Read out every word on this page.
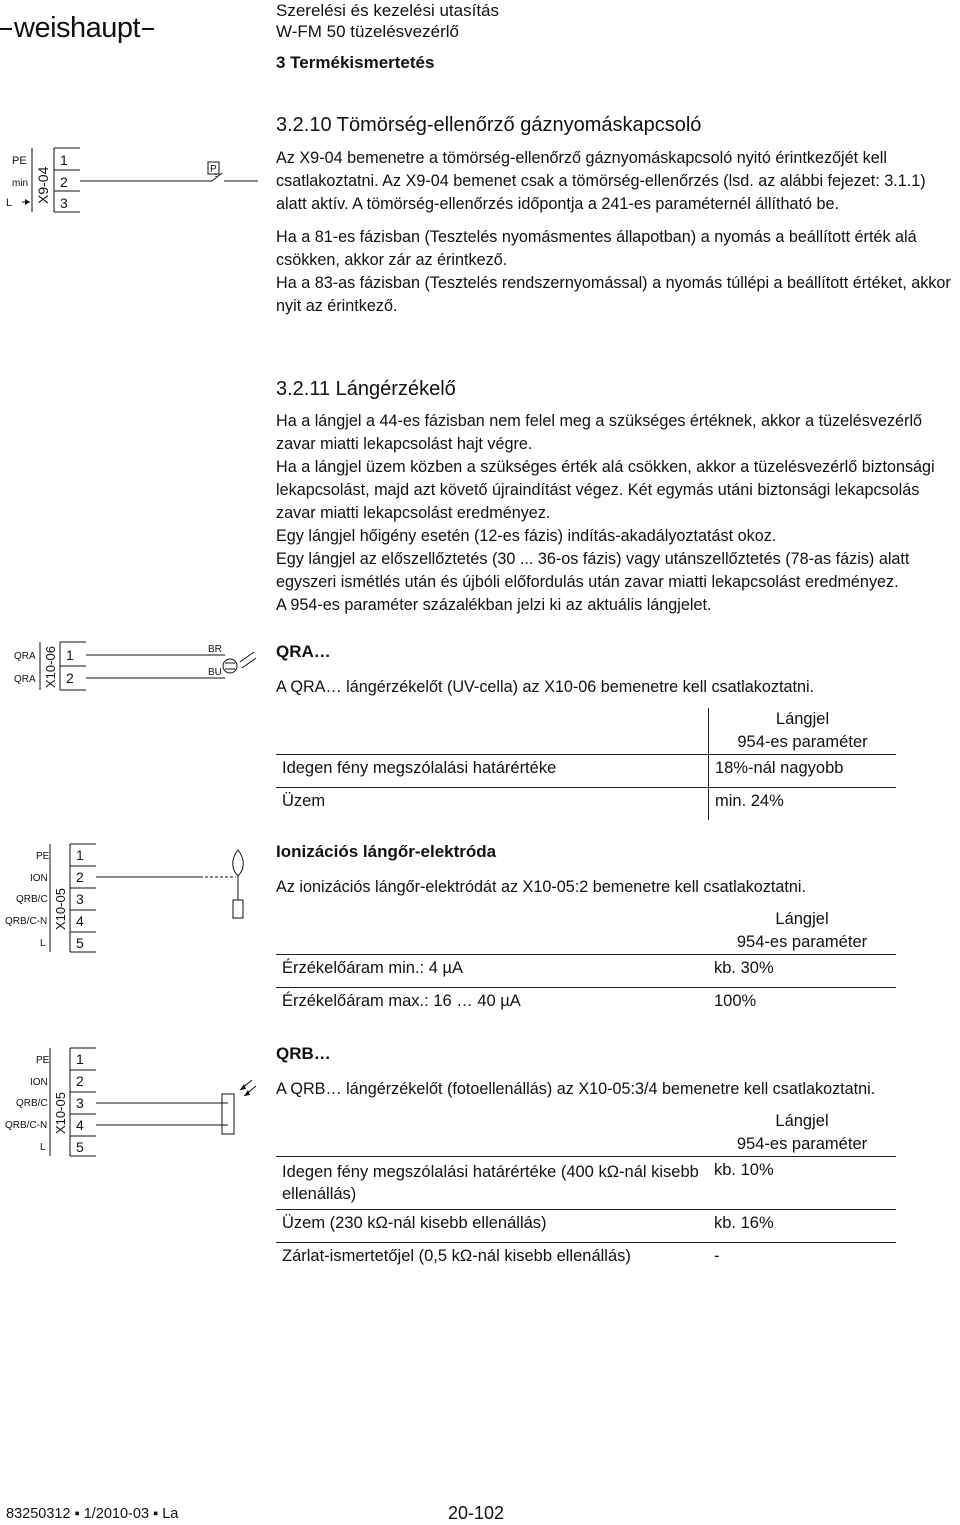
weishaupt
Szerelési és kezelési utasítás
W-FM 50 tüzelésvezérlő
3 Termékismertetés
3.2.10 Tömörség-ellenőrző gáznyomáskapcsoló

Az X9-04 bemenetre a tömörség-ellenőrző gáznyomáskapcsoló nyitó érintkezőjét kell csatlakoztatni. Az X9-04 bemenet csak a tömörség-ellenőrzés (lsd. az alábbi fejezet: 3.1.1) alatt aktív. A tömörség-ellenőrzés időpontja a 241-es paraméternél állítható be.

Ha a 81-es fázisban (Tesztelés nyomásmentes állapotban) a nyomás a beállított érték alá csökken, akkor zár az érintkező.

Ha a 83-as fázisban (Tesztelés rendszernyomással) a nyomás túllépi a beállított értéket, akkor nyit az érintkező.

PE
min
L X9-04
1
2
3
P
3.2.11 Lángérzékelő

Ha a lángjel a 44-es fázisban nem felel meg a szükséges értéknek, akkor a tüzelésvezérlő zavar miatti lekapcsolást hajt végre.

Ha a lángjel üzem közben a szükséges érték alá csökken, akkor a tüzelésvezérlő biztonsági lekapcsolást, majd azt követő újraindítást végez. Két egymás utáni biztonsági lekapcsolás zavar miatti lekapcsolást eredményez.

Egy lángjel hőigény esetén (12-es fázis) indítás-akadályoztatást okoz.

Egy lángjel az előszellőztetés (30 ... 36-os fázis) vagy utánszellőztetés (78-as fázis) alatt egyszeri ismétlés után és újbóli előfordulás után zavar miatti lekapcsolást eredményez.

A 954-es paraméter százalékban jelzi ki az aktuális lángjelet.

QRA…
A QRA… lángérzékelőt (UV-cella) az X10-06 bemenetre kell csatlakoztatni.
	Lángjel
954-es paraméter
Idegen fény megszólalási határértéke	18%-nál nagyobb
Üzem	min. 24%
QRA
QRA X10-06 1
2
BR
BU
Ionizációs lángőr-elektróda
Az ionizációs lángőr-elektródát az X10-05:2 bemenetre kell csatlakoztatni.
	Lángjel
954-es paraméter
Érzékelőáram min.: 4 µA	kb. 30%
Érzékelőáram max.: 16 … 40 µA	100%
PE
ION
QRB/C
QRB/C-N
L
X10-05
1
2
3
4
5
QRB…
A QRB… lángérzékelőt (fotoellenállás) az X10-05:3/4 bemenetre kell csatlakoztatni.
	Lángjel
954-es paraméter
Idegen fény megszólalási határértéke (400 kΩ-nál kisebb ellenállás)	kb. 10%
Üzem (230 kΩ-nál kisebb ellenállás)	kb. 16%
Zárlat-ismertetőjel (0,5 kΩ-nál kisebb ellenállás)	-
PE
ION
QRB/C
QRB/C-N
L
X10-05
1
2
3
4
5
83250312 ▪ 1/2010-03 ▪ La	20-102
